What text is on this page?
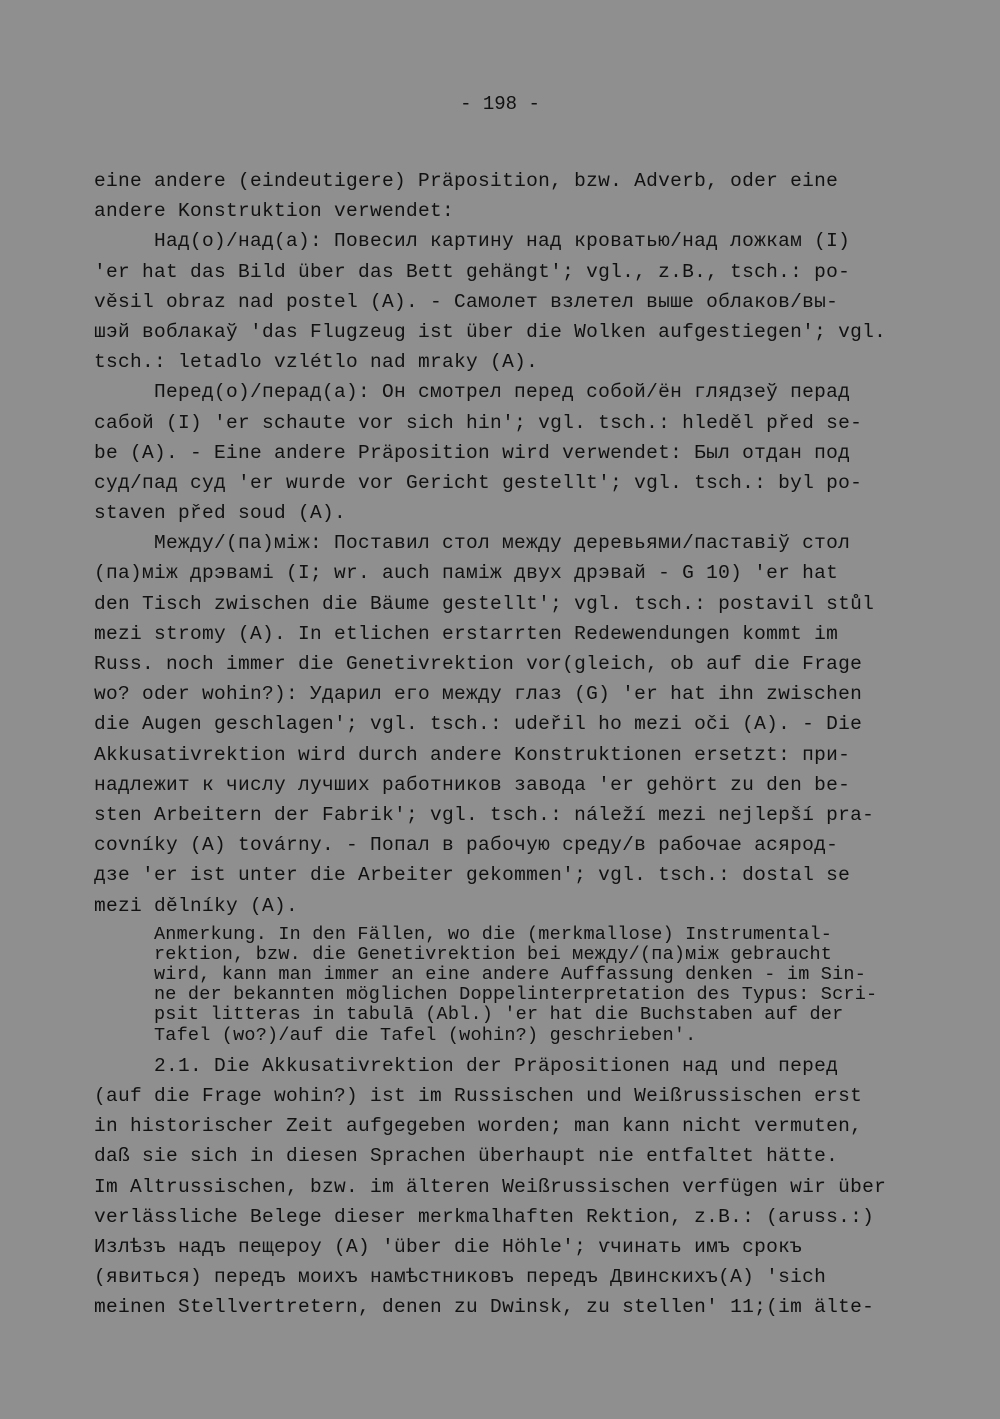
- 198 -
eine andere (eindeutigere) Präposition, bzw. Adverb, oder eine
andere Konstruktion verwendet:
Над(о)/над(а): Повесил картину над кроватью/над ложкам (I)
'er hat das Bild über das Bett gehängt'; vgl., z.B., tsch.: po-
věsil obraz nad postel (A). - Самолет взлетел выше облаков/вы-
шэй воблакаў 'das Flugzeug ist über die Wolken aufgestiegen'; vgl.
tsch.: letadlo vzlétlo nad mraky (A).
Перед(о)/перад(а): Он смотрел перед собой/ён глядзеў перад
сабой (I) 'er schaute vor sich hin'; vgl. tsch.: hleděl před se-
be (A). - Eine andere Präposition wird verwendet: Был отдан под
суд/пад суд 'er wurde vor Gericht gestellt'; vgl. tsch.: byl po-
staven před soud (A).
Между/(па)між: Поставил стол между деревьями/паставіў стол
(па)між дрэвамі (I; wr. auch паміж двух дрэвай - G 10) 'er hat
den Tisch zwischen die Bäume gestellt'; vgl. tsch.: postavil stůl
mezi stromy (A). In etlichen erstarrten Redewendungen kommt im
Russ. noch immer die Genetivrektion vor(gleich, ob auf die Frage
wo? oder wohin?): Ударил его между глаз (G) 'er hat ihn zwischen
die Augen geschlagen'; vgl. tsch.: udeřil ho mezi oči (A). - Die
Akkusativrektion wird durch andere Konstruktionen ersetzt: при-
надлежит к числу лучших работников завода 'er gehört zu den be-
sten Arbeitern der Fabrik'; vgl. tsch.: náleží mezi nejlepší pra-
covníky (A) továrny. - Попал в рабочую среду/в рабочае асярод-
дзе 'er ist unter die Arbeiter gekommen'; vgl. tsch.: dostal se
mezi dělníky (A).
Anmerkung. In den Fällen, wo die (merkmallose) Instrumental-
rektion, bzw. die Genetivrektion bei между/(па)між gebraucht
wird, kann man immer an eine andere Auffassung denken - im Sin-
ne der bekannten möglichen Doppelinterpretation des Typus: Scri-
psit litteras in tabulā (Abl.) 'er hat die Buchstaben auf der
Tafel (wo?)/auf die Tafel (wohin?) geschrieben'.
2.1. Die Akkusativrektion der Präpositionen над und перед
(auf die Frage wohin?) ist im Russischen und Weißrussischen erst
in historischer Zeit aufgegeben worden; man kann nicht vermuten,
daß sie sich in diesen Sprachen überhaupt nie entfaltet hätte.
Im Altrussischen, bzw. im älteren Weißrussischen verfügen wir über
verlässliche Belege dieser merkmalhaften Rektion, z.B.: (aruss.:)
Излѣзъ надъ пещероу (A) 'über die Höhle'; ѵчинать имъ срокъ
(явиться) передъ моихъ намѣстниковъ передъ Двинскихъ(A) 'sich
meinen Stellvertretern, denen zu Dwinsk, zu stellen' 11;(im älte-
